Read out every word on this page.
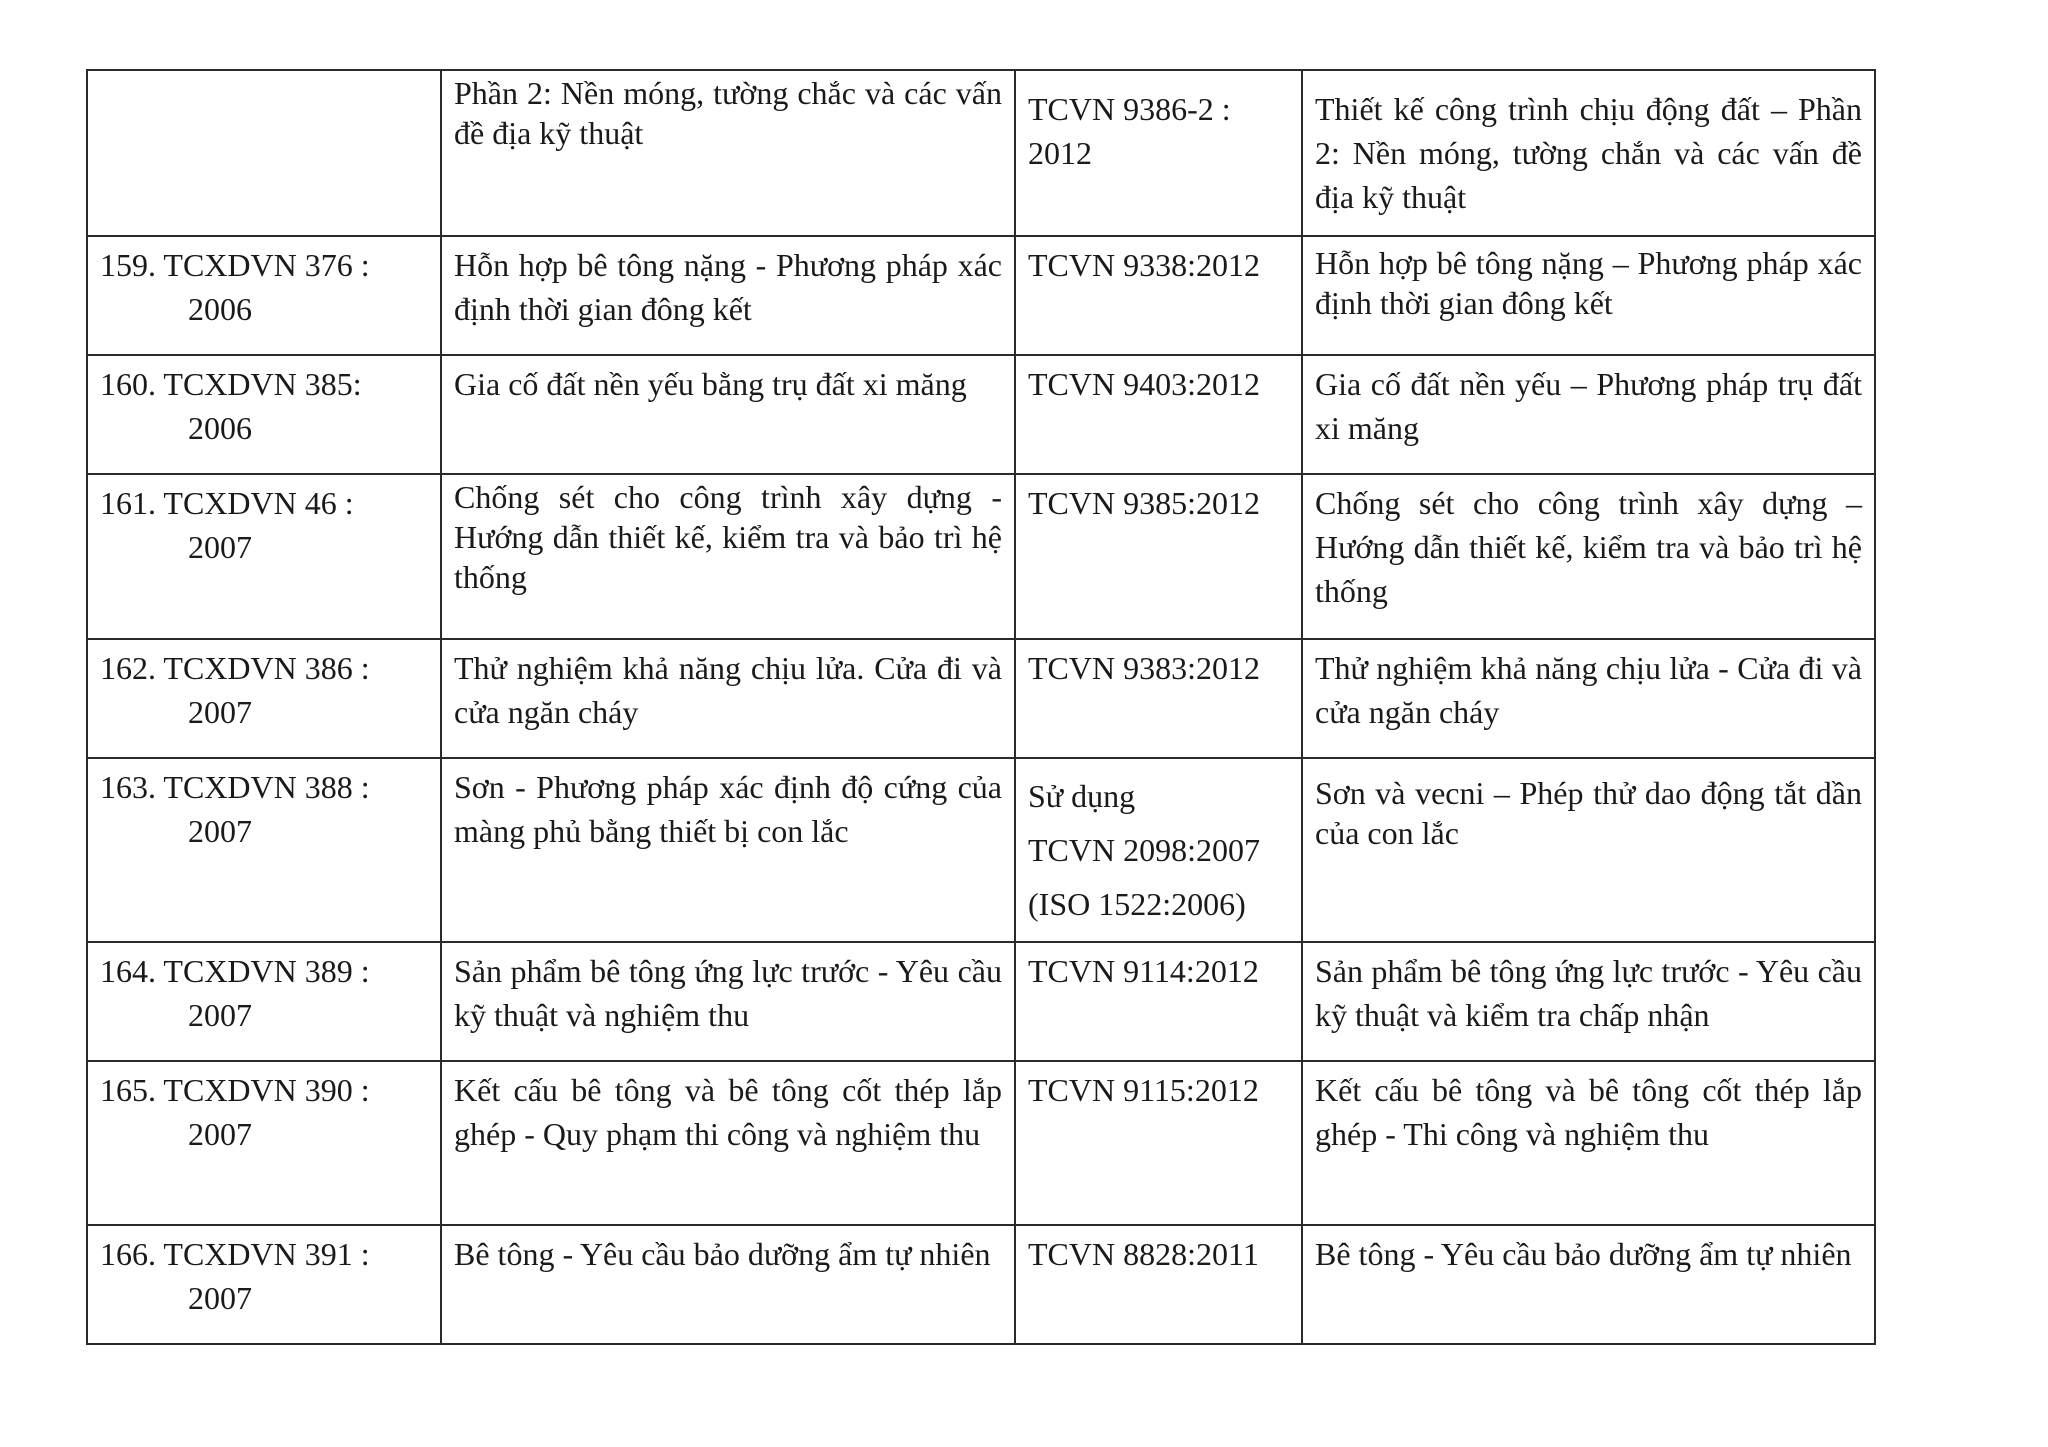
	Phần 2: Nền móng, tường chắc và các vấn đề địa kỹ thuật	TCVN 9386-2 : 2012	Thiết kế công trình chịu động đất – Phần 2: Nền móng, tường chắn và các vấn đề địa kỹ thuật

159. TCXDVN 376 :
2006	Hỗn hợp bê tông nặng - Phương pháp xác định thời gian đông kết	TCVN 9338:2012	Hỗn hợp bê tông nặng – Phương pháp xác định thời gian đông kết

160. TCXDVN 385:
2006	Gia cố đất nền yếu bằng trụ đất xi măng	TCVN 9403:2012	Gia cố đất nền yếu – Phương pháp trụ đất xi măng

161. TCXDVN 46 :
2007	Chống sét cho công trình xây dựng - Hướng dẫn thiết kế, kiểm tra và bảo trì hệ thống	TCVN 9385:2012	Chống sét cho công trình xây dựng – Hướng dẫn thiết kế, kiểm tra và bảo trì hệ thống

162. TCXDVN 386 :
2007	Thử nghiệm khả năng chịu lửa. Cửa đi và cửa ngăn cháy	TCVN 9383:2012	Thử nghiệm khả năng chịu lửa - Cửa đi và cửa ngăn cháy

163. TCXDVN 388 :
2007	Sơn - Phương pháp xác định độ cứng của màng phủ bằng thiết bị con lắc	Sử dụng
TCVN 2098:2007
(ISO 1522:2006)	Sơn và vecni – Phép thử dao động tắt dần của con lắc

164. TCXDVN 389 :
2007	Sản phẩm bê tông ứng lực trước - Yêu cầu kỹ thuật và nghiệm thu	TCVN 9114:2012	Sản phẩm bê tông ứng lực trước - Yêu cầu kỹ thuật và kiểm tra chấp nhận

165. TCXDVN 390 :
2007	Kết cấu bê tông và bê tông cốt thép lắp ghép - Quy phạm thi công và nghiệm thu	TCVN 9115:2012	Kết cấu bê tông và bê tông cốt thép lắp ghép - Thi công và nghiệm thu

166. TCXDVN 391 :
2007	Bê tông - Yêu cầu bảo dưỡng ẩm tự nhiên	TCVN 8828:2011	Bê tông - Yêu cầu bảo dưỡng ẩm tự nhiên
